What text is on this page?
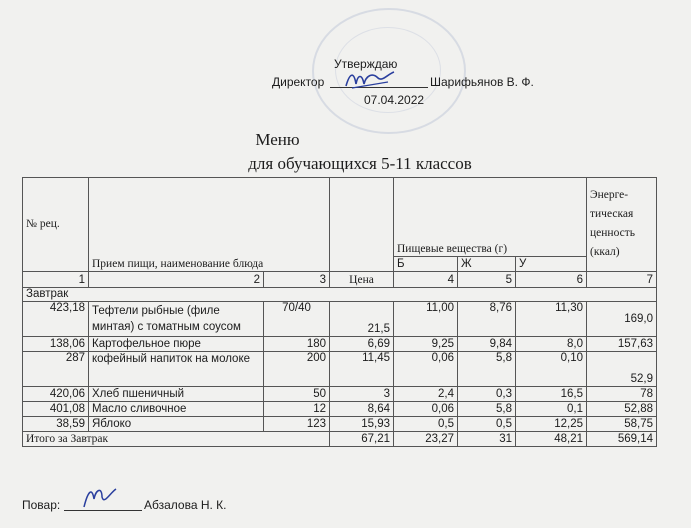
Утверждаю
Директор	Шарифьянов В. Ф.
07.04.2022
Меню
для обучающихся 5-11 классов
№ рец.	Прием пищи, наименование блюда			Пищевые вещества (г)			Энерге-тическая ценность (ккал)
				Б	Ж	У	
1	2	3	Цена	4	5	6	7
Завтрак							
423,18	Тефтели рыбные (филе минтая) с томатным соусом	70/40	21,5	11,00	8,76	11,30	169,0
138,06	Картофельное пюре	180	6,69	9,25	9,84	8,0	157,63
287	кофейный напиток на молоке	200	11,45	0,06	5,8	0,10	52,9
420,06	Хлеб пшеничный	50	3	2,4	0,3	16,5	78
401,08	Масло сливочное	12	8,64	0,06	5,8	0,1	52,88
38,59	Яблоко	123	15,93	0,5	0,5	12,25	58,75
Итого за Завтрак			67,21	23,27	31	48,21	569,14
Повар:	Абзалова Н. К.
